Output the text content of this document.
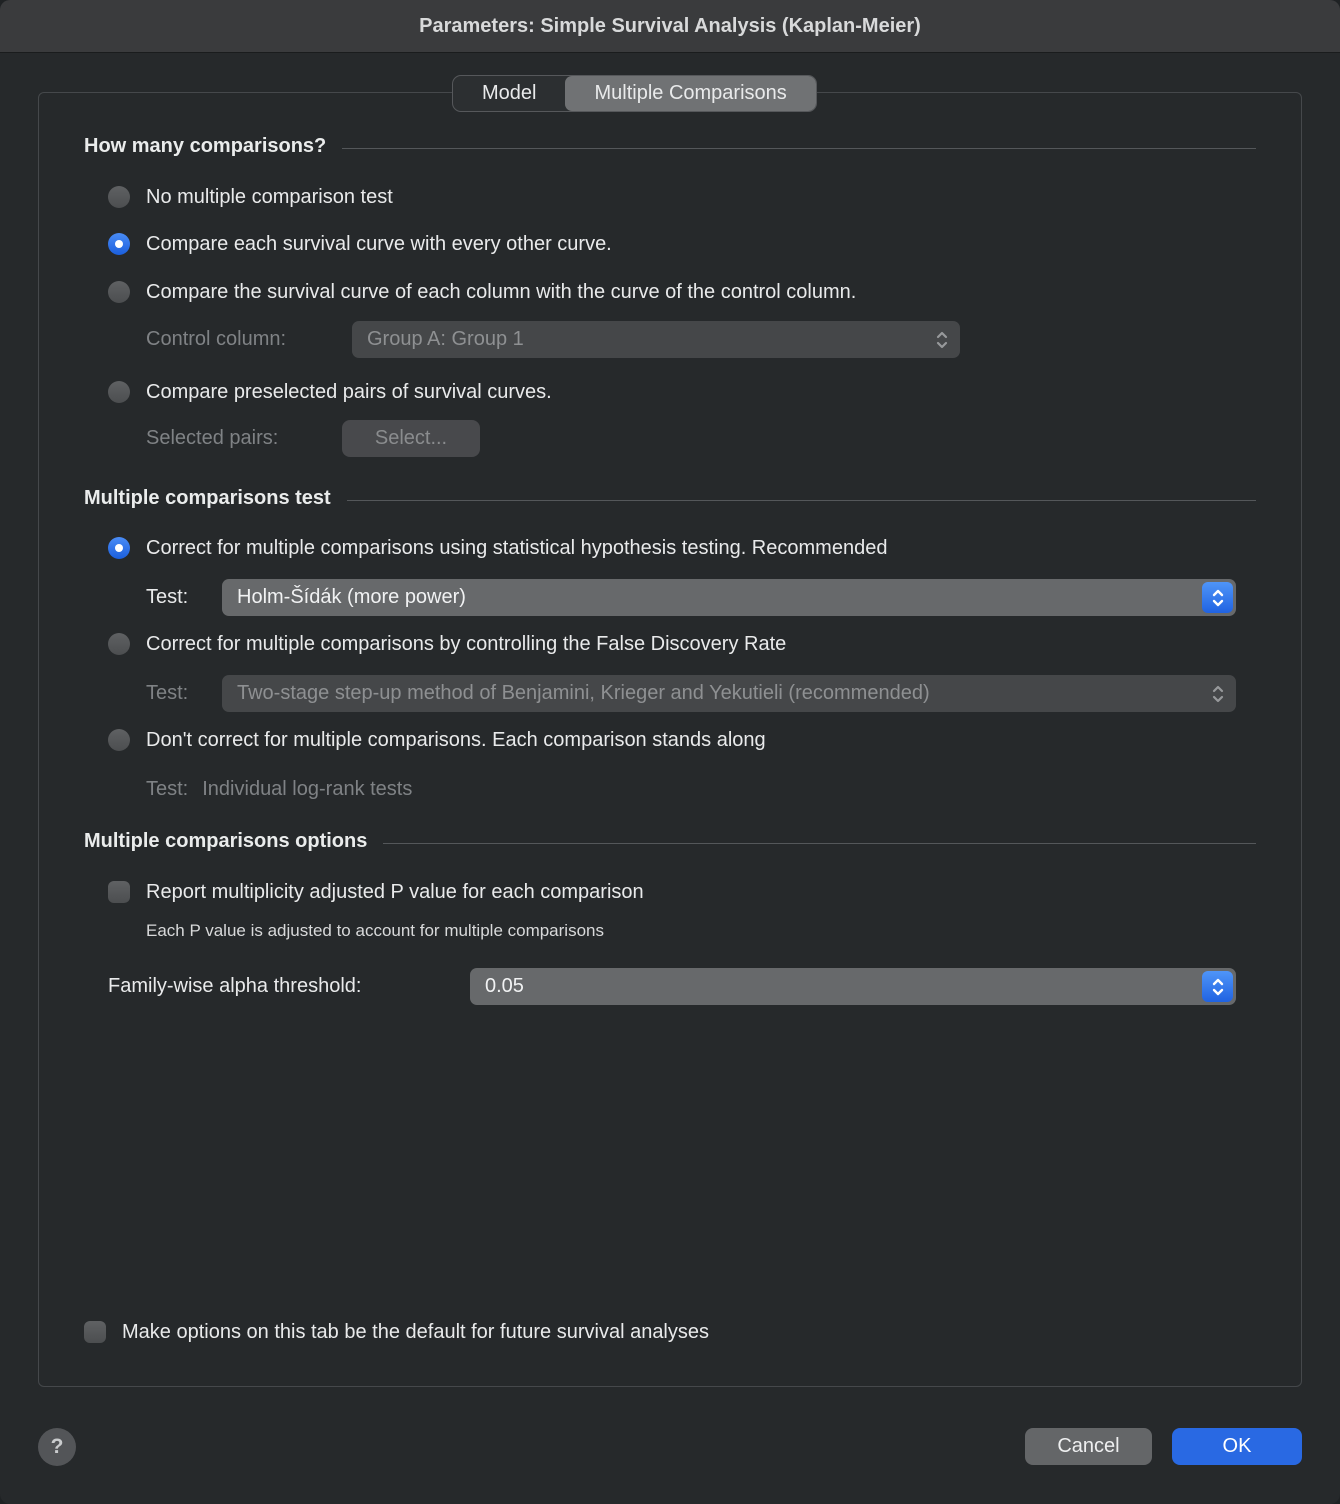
Parameters: Simple Survival Analysis (Kaplan-Meier)
Model	Multiple Comparisons
How many comparisons?
No multiple comparison test
Compare each survival curve with every other curve.
Compare the survival curve of each column with the curve of the control column.
Control column:	Group A: Group 1
Compare preselected pairs of survival curves.
Selected pairs:	Select...
Multiple comparisons test
Correct for multiple comparisons using statistical hypothesis testing. Recommended
Test: Holm-Šídák (more power)
Correct for multiple comparisons by controlling the False Discovery Rate
Test: Two-stage step-up method of Benjamini, Krieger and Yekutieli (recommended)
Don't correct for multiple comparisons. Each comparison stands along
Test: Individual log-rank tests
Multiple comparisons options
Report multiplicity adjusted P value for each comparison
Each P value is adjusted to account for multiple comparisons
Family-wise alpha threshold:	0.05
Make options on this tab be the default for future survival analyses
?	Cancel	OK
